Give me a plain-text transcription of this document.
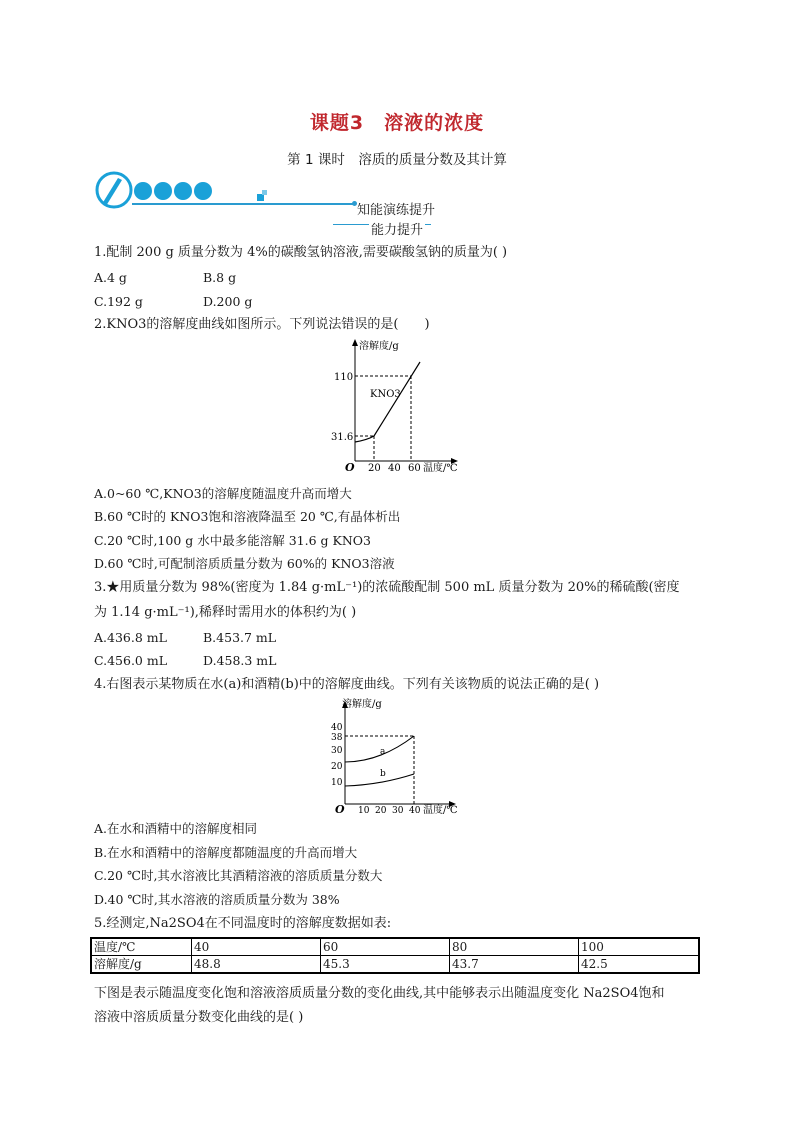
课题3　溶液的浓度
第 1 课时　溶质的质量分数及其计算
知能演练提升
能力提升
1.配制 200 g 质量分数为 4%的碳酸氢钠溶液,需要碳酸氢钠的质量为( )
A.4 g	B.8 g
C.192 g	D.200 g
2.KNO3的溶解度曲线如图所示。下列说法错误的是(　　)
溶解度/g
温度/℃
O
110
31.6
20 40 60
KNO3
A.0~60 ℃,KNO3的溶解度随温度升高而增大
B.60 ℃时的 KNO3饱和溶液降温至 20 ℃,有晶体析出
C.20 ℃时,100 g 水中最多能溶解 31.6 g KNO3
D.60 ℃时,可配制溶质质量分数为 60%的 KNO3溶液
3.★用质量分数为 98%(密度为 1.84 g·mL⁻¹)的浓硫酸配制 500 mL 质量分数为 20%的稀硫酸(密度
为 1.14 g·mL⁻¹),稀释时需用水的体积约为( )
A.436.8 mL	B.453.7 mL
C.456.0 mL	D.458.3 mL
4.右图表示某物质在水(a)和酒精(b)中的溶解度曲线。下列有关该物质的说法正确的是( )
溶解度/g
温度/℃
O
40
38
30
20
10
10 20 30 40
a
b
A.在水和酒精中的溶解度相同
B.在水和酒精中的溶解度都随温度的升高而增大
C.20 ℃时,其水溶液比其酒精溶液的溶质质量分数大
D.40 ℃时,其水溶液的溶质质量分数为 38%
5.经测定,Na2SO4在不同温度时的溶解度数据如表:
温度/℃	40	60	80	100
溶解度/g	48.8	45.3	43.7	42.5
下图是表示随温度变化饱和溶液溶质质量分数的变化曲线,其中能够表示出随温度变化 Na2SO4饱和
溶液中溶质质量分数变化曲线的是( )
